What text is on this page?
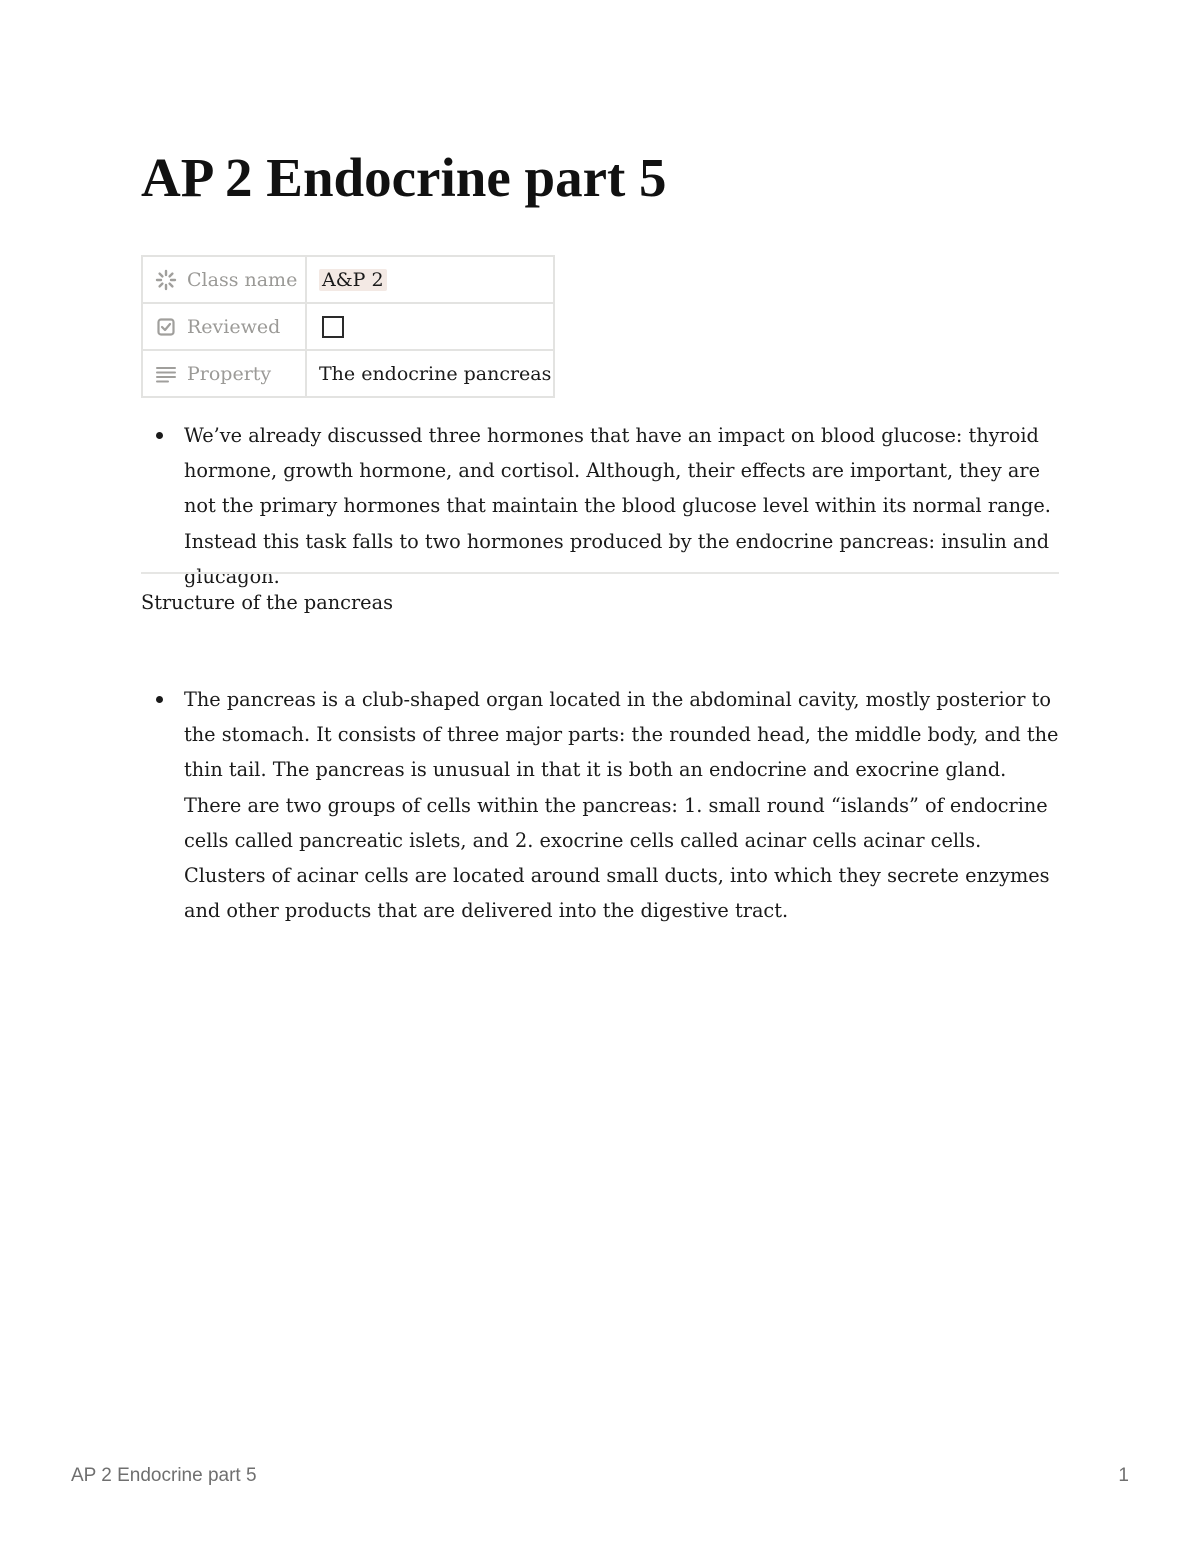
AP 2 Endocrine part 5
Class name	A&P 2

Reviewed	

Property	The endocrine pancreas
We’ve already discussed three hormones that have an impact on blood glucose: thyroid hormone, growth hormone, and cortisol. Although, their effects are important, they are not the primary hormones that maintain the blood glucose level within its normal range. Instead this task falls to two hormones produced by the endocrine pancreas: insulin and glucagon.
Structure of the pancreas
The pancreas is a club-shaped organ located in the abdominal cavity, mostly posterior to the stomach. It consists of three major parts: the rounded head, the middle body, and the thin tail. The pancreas is unusual in that it is both an endocrine and exocrine gland. There are two groups of cells within the pancreas: 1. small round “islands” of endocrine cells called pancreatic islets, and 2. exocrine cells called acinar cells acinar cells. Clusters of acinar cells are located around small ducts, into which they secrete enzymes and other products that are delivered into the digestive tract.
AP 2 Endocrine part 5	1
